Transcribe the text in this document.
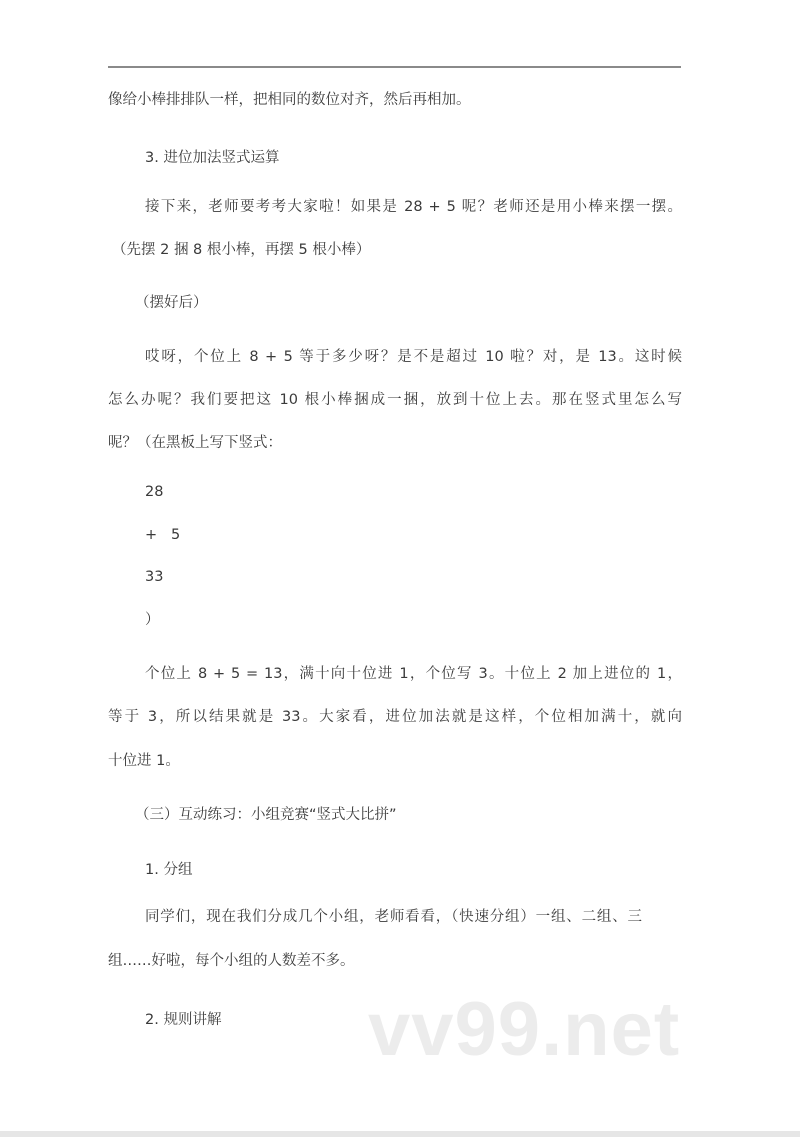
像给小棒排排队一样，把相同的数位对齐，然后再相加。
3. 进位加法竖式运算
接下来，老师要考考大家啦！如果是 28 + 5 呢？老师还是用小棒来摆一摆。
（先摆 2 捆 8 根小棒，再摆 5 根小棒）
（摆好后）
哎呀，个位上 8 + 5 等于多少呀？是不是超过 10 啦？对，是 13。这时候
怎么办呢？我们要把这 10 根小棒捆成一捆，放到十位上去。那在竖式里怎么写
呢？（在黑板上写下竖式：
28
+   5
33
）
个位上 8 + 5 = 13，满十向十位进 1，个位写 3。十位上 2 加上进位的 1，
等于 3，所以结果就是 33。大家看，进位加法就是这样，个位相加满十，就向
十位进 1。
（三）互动练习：小组竞赛“竖式大比拼”
1. 分组
同学们，现在我们分成几个小组，老师看看，（快速分组）一组、二组、三
组……好啦，每个小组的人数差不多。
2. 规则讲解	vv99.net
